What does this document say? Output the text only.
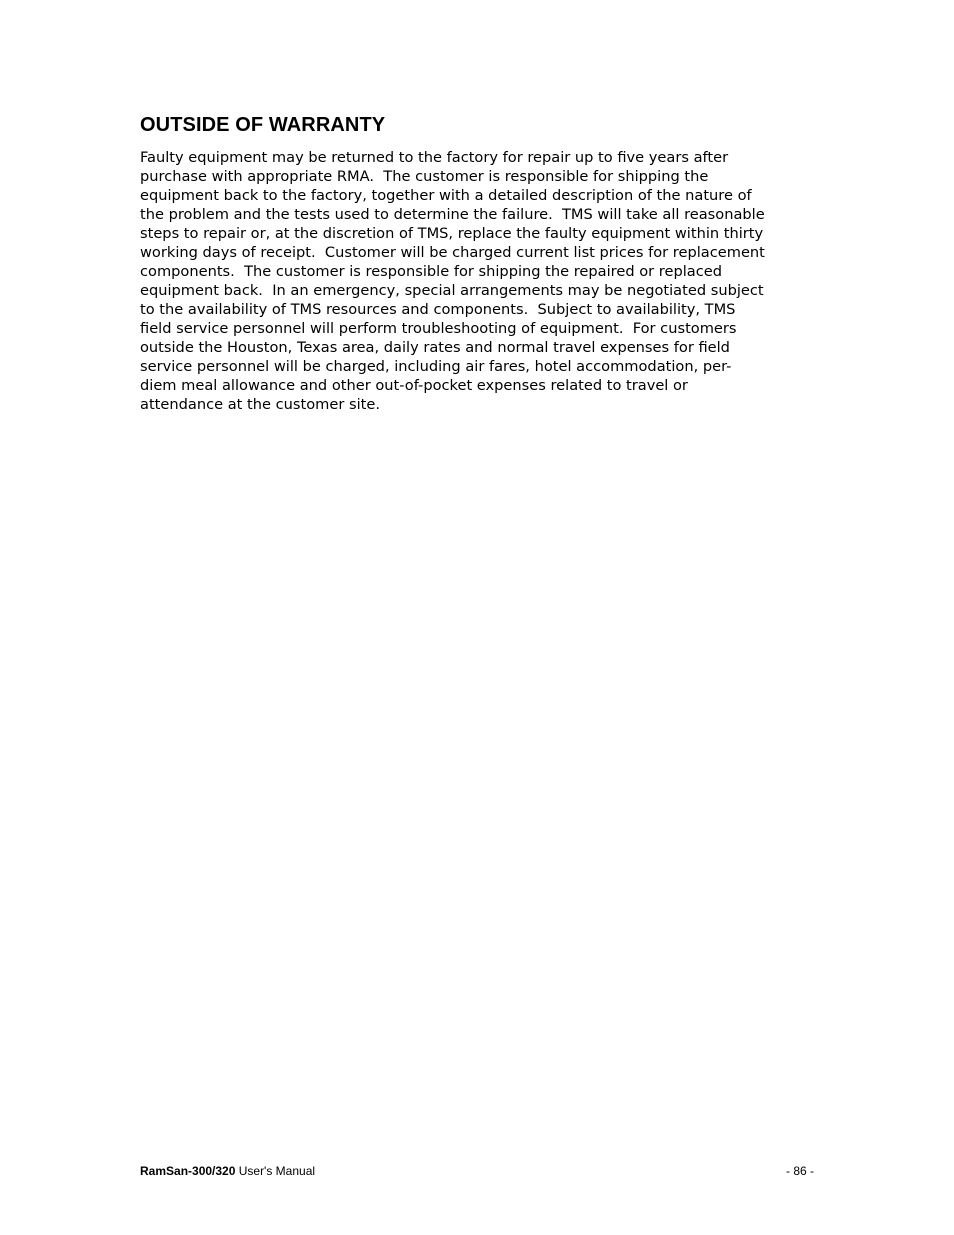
OUTSIDE OF WARRANTY

Faulty equipment may be returned to the factory for repair up to five years after
purchase with appropriate RMA.  The customer is responsible for shipping the
equipment back to the factory, together with a detailed description of the nature of
the problem and the tests used to determine the failure.  TMS will take all reasonable
steps to repair or, at the discretion of TMS, replace the faulty equipment within thirty
working days of receipt.  Customer will be charged current list prices for replacement
components.  The customer is responsible for shipping the repaired or replaced
equipment back.  In an emergency, special arrangements may be negotiated subject
to the availability of TMS resources and components.  Subject to availability, TMS
field service personnel will perform troubleshooting of equipment.  For customers
outside the Houston, Texas area, daily rates and normal travel expenses for field
service personnel will be charged, including air fares, hotel accommodation, per-
diem meal allowance and other out-of-pocket expenses related to travel or
attendance at the customer site.

RamSan-300/320 User's Manual	- 86 -
